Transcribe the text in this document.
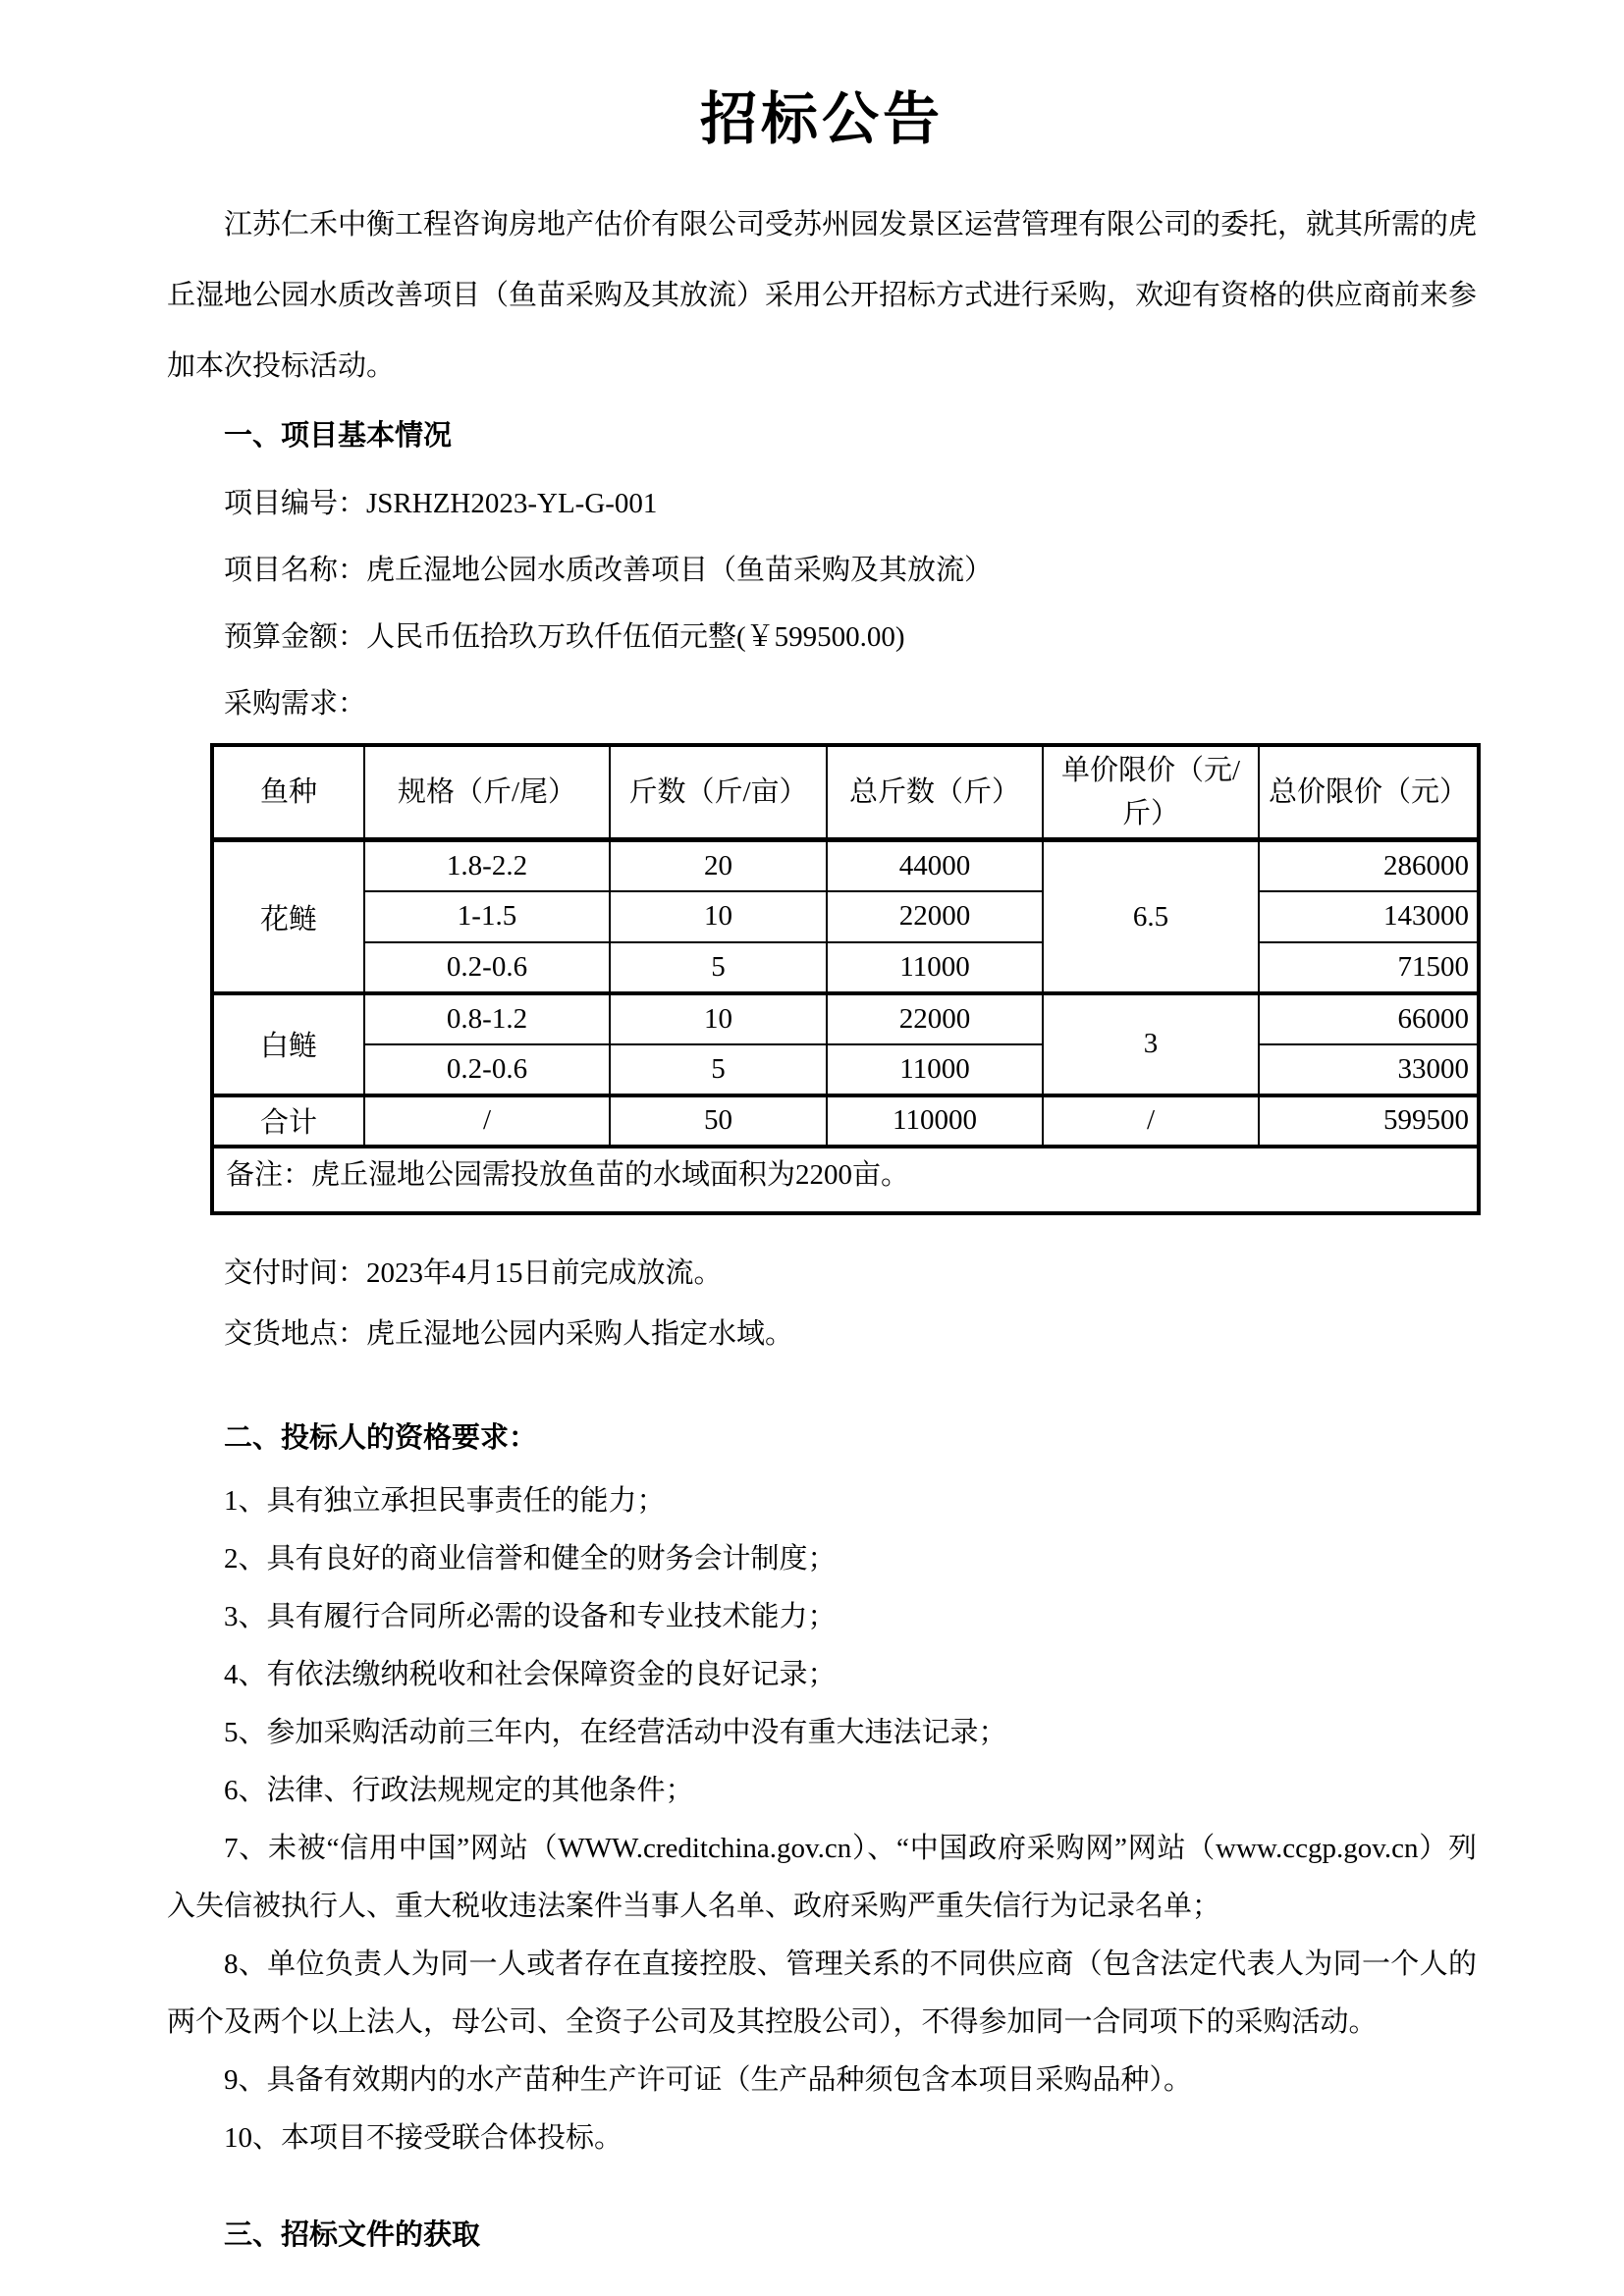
招标公告

江苏仁禾中衡工程咨询房地产估价有限公司受苏州园发景区运营管理有限公司的委托，就其所需的虎丘湿地公园水质改善项目（鱼苗采购及其放流）采用公开招标方式进行采购，欢迎有资格的供应商前来参加本次投标活动。

一、项目基本情况
项目编号：JSRHZH2023-YL-G-001
项目名称：虎丘湿地公园水质改善项目（鱼苗采购及其放流）
预算金额：人民币伍拾玖万玖仟伍佰元整(￥599500.00)
采购需求：
鱼种	规格（斤/尾）	斤数（斤/亩）	总斤数（斤）	单价限价（元/斤）	总价限价（元）
花鲢	1.8-2.2	20	44000	6.5	286000
	1-1.5	10	22000		143000
	0.2-0.6	5	11000		71500
白鲢	0.8-1.2	10	22000	3	66000
	0.2-0.6	5	11000		33000
合计	/	50	110000	/	599500
备注：虎丘湿地公园需投放鱼苗的水域面积为2200亩。					
交付时间：2023年4月15日前完成放流。
交货地点：虎丘湿地公园内采购人指定水域。
二、投标人的资格要求：
1、具有独立承担民事责任的能力；
2、具有良好的商业信誉和健全的财务会计制度；
3、具有履行合同所必需的设备和专业技术能力；
4、有依法缴纳税收和社会保障资金的良好记录；
5、参加采购活动前三年内，在经营活动中没有重大违法记录；
6、法律、行政法规规定的其他条件；
7、未被“信用中国”网站（WWW.creditchina.gov.cn）、“中国政府采购网”网站（www.ccgp.gov.cn）列入失信被执行人、重大税收违法案件当事人名单、政府采购严重失信行为记录名单；
8、单位负责人为同一人或者存在直接控股、管理关系的不同供应商（包含法定代表人为同一个人的两个及两个以上法人，母公司、全资子公司及其控股公司），不得参加同一合同项下的采购活动。
9、具备有效期内的水产苗种生产许可证（生产品种须包含本项目采购品种）。
10、本项目不接受联合体投标。
三、招标文件的获取
